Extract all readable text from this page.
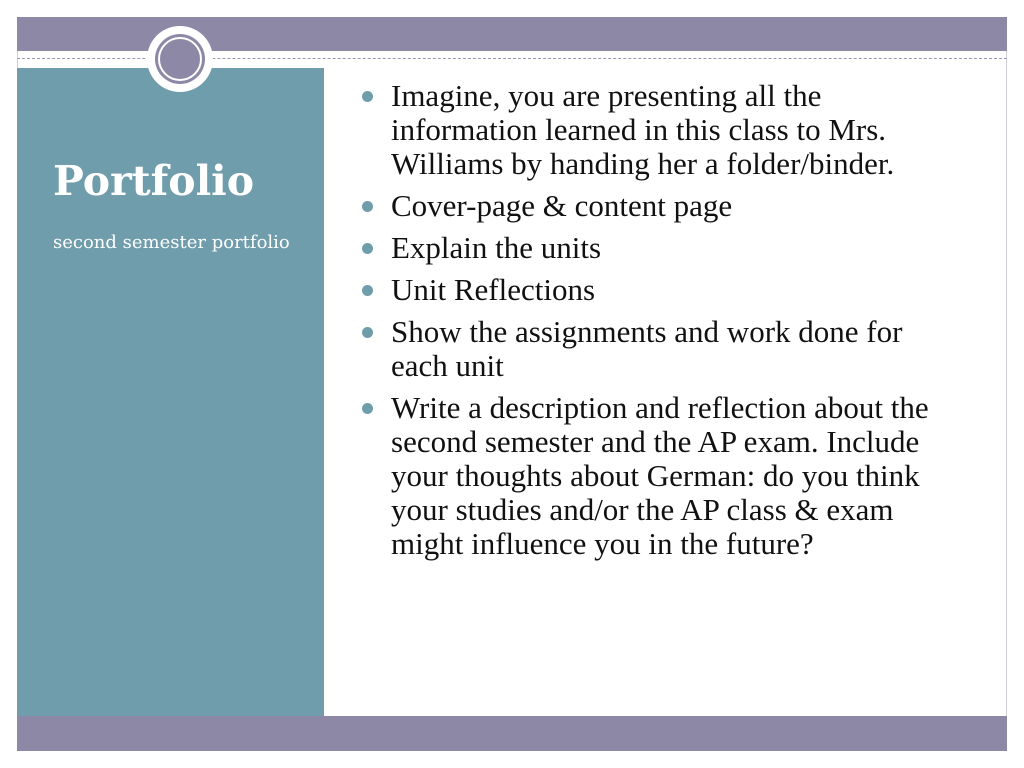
Portfolio

second semester portfolio

Imagine, you are presenting all the information learned in this class to Mrs. Williams by handing her a folder/binder.
Cover-page & content page
Explain the units
Unit Reflections
Show the assignments and work done for each unit
Write a description and reflection about the second semester and the AP exam. Include your thoughts about German: do you think your studies and/or the AP class & exam might influence you in the future?
